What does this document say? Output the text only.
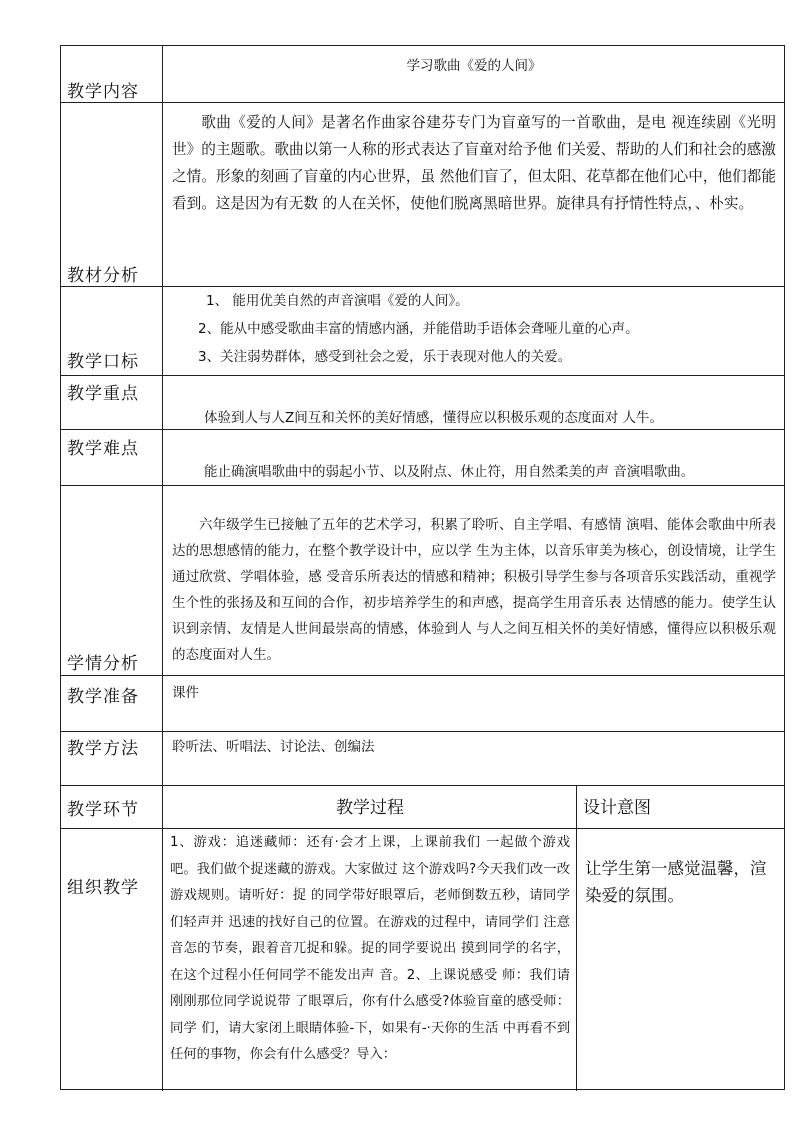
教学内容
学习歌曲《爱的人间》
教材分析

歌曲《爱的人间》是著名作曲家谷建芬专门为盲童写的一首歌曲，是电 视连续剧《光明世》的主题歌。歌曲以第一人称的形式表达了盲童对给予他 们关爱、帮助的人们和社会的感激之情。形象的刻画了盲童的内心世界，虽 然他们盲了，但太阳、花草都在他们心中，他们都能看到。这是因为有无数 的人在关怀，使他们脱离黑暗世界。旋律具有抒情性特点，、朴实。

教学口标
1、 能用优美自然的声音演唱《爱的人间》。
2、能从中感受歌曲丰富的情感内涵，并能借助手语体会聋哑儿童的心声。
3、关注弱势群体，感受到社会之爱，乐于表现对他人的关爱。
教学重点
体验到人与人Z间互和关怀的美好情感，懂得应以积极乐观的态度面对 人牛。
教学难点
能止确演唱歌曲中的弱起小节、以及附点、休止符，用自然柔美的声 音演唱歌曲。
学情分析

六年级学生已接触了五年的艺术学习，积累了聆听、自主学唱、有感情 演唱、能体会歌曲中所表达的思想感情的能力，在整个教学设计中，应以学 生为主体，以音乐审美为核心，创设情境，让学生通过欣赏、学唱体验，感 受音乐所表达的情感和精神；积极引导学生参与各项音乐实践活动，重视学 生个性的张扬及和互间的合作，初步培养学生的和声感，提高学生用音乐表 达情感的能力。使学生认识到亲情、友情是人世间最崇高的情感，体验到人 与人之间互相关怀的美好情感，懂得应以积极乐观的态度面对人生。

教学准备 课件
教学方法 聆听法、听唱法、讨论法、创编法
教学环节	教学过程	设计意图
组织教学

1、游戏：追迷藏师：还有·会才上课，上课前我们 一起做个游戏吧。我们做个捉迷藏的游戏。大家做过 这个游戏吗?今天我们改一改游戏规则。请听好：捉 的同学带好眼罩后，老师倒数五秒，请同学们轻声并 迅速的找好自己的位置。在游戏的过程中，请同学们 注意音怎的节奏，跟着音兀捉和躲。捉的同学要说出 摸到同学的名字，在这个过程小任何同学不能发出声 音。2、上课说感受 师：我们请刚刚那位同学说说带 了眼罩后，你有什么感受?体验盲童的感受师：同学 们，请大家闭上眼睛体验-下，如果有-·天你的生活 中再看不到任何的事物，你会有什么感受？导入：

让学生第一感觉温馨，渲染爱的氛围。
